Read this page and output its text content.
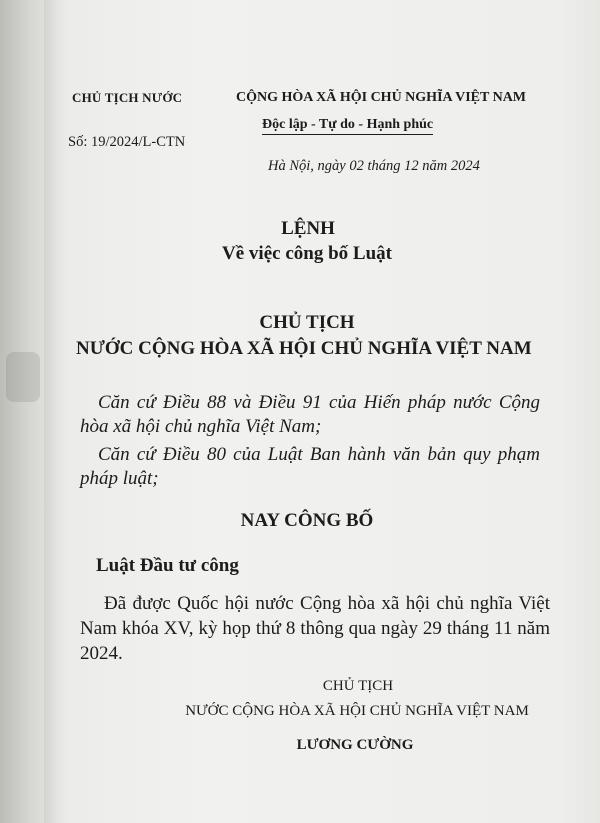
CHỦ TỊCH NƯỚC
Số: 19/2024/L-CTN
CỘNG HÒA XÃ HỘI CHỦ NGHĨA VIỆT NAM
Độc lập - Tự do - Hạnh phúc
Hà Nội, ngày 02 tháng 12 năm 2024
LỆNH
Về việc công bố Luật
CHỦ TỊCH
NƯỚC CỘNG HÒA XÃ HỘI CHỦ NGHĨA VIỆT NAM
Căn cứ Điều 88 và Điều 91 của Hiến pháp nước Cộng hòa xã hội chủ nghĩa Việt Nam;
Căn cứ Điều 80 của Luật Ban hành văn bản quy phạm pháp luật;
NAY CÔNG BỐ
Luật Đầu tư công
Đã được Quốc hội nước Cộng hòa xã hội chủ nghĩa Việt Nam khóa XV, kỳ họp thứ 8 thông qua ngày 29 tháng 11 năm 2024.
CHỦ TỊCH
NƯỚC CỘNG HÒA XÃ HỘI CHỦ NGHĨA VIỆT NAM
LƯƠNG CƯỜNG
